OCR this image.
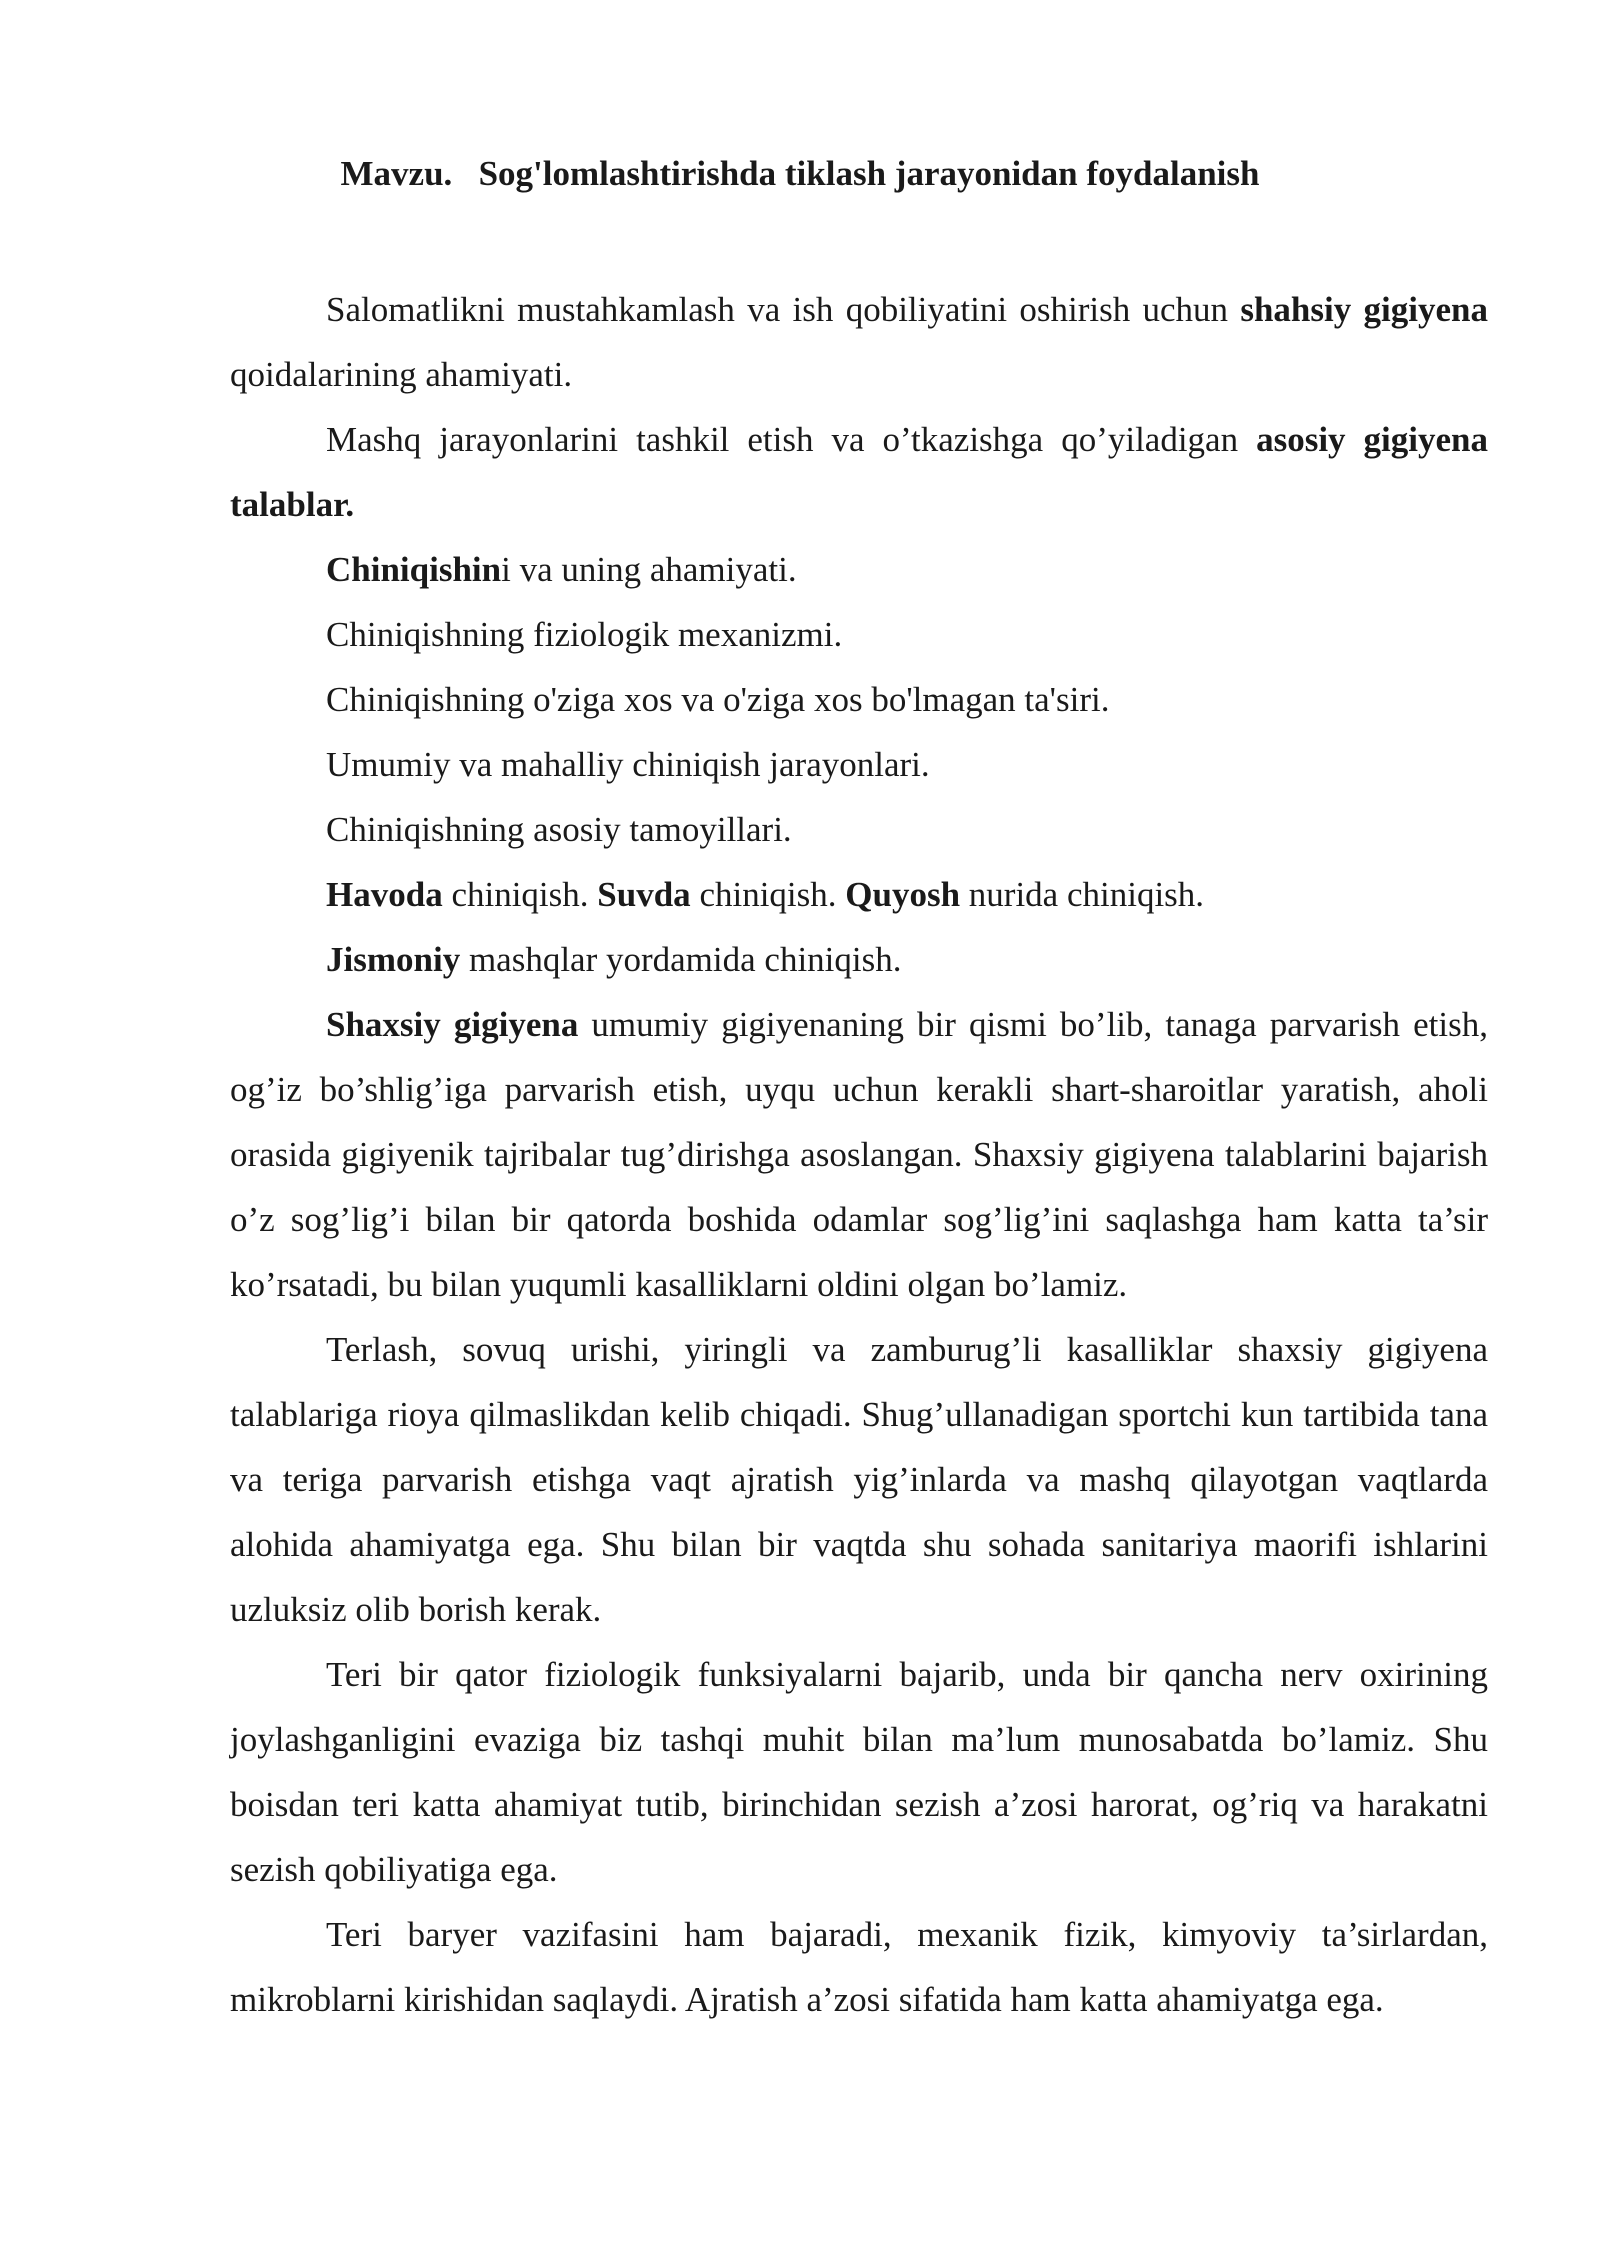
Mavzu. Sog'lomlashtirishda tiklash jarayonidan foydalanish

Salomatlikni mustahkamlash va ish qobiliyatini oshirish uchun shahsiy gigiyena qoidalarining ahamiyati.

Mashq jarayonlarini tashkil etish va o’tkazishga qo’yiladigan asosiy gigiyena talablar.

Chiniqishini va uning ahamiyati.

Chiniqishning fiziologik mexanizmi.

Chiniqishning o'ziga xos va o'ziga xos bo'lmagan ta'siri.

Umumiy va mahalliy chiniqish jarayonlari.

Chiniqishning asosiy tamoyillari.

Havoda chiniqish. Suvda chiniqish. Quyosh nurida chiniqish.

Jismoniy mashqlar yordamida chiniqish.

Shaxsiy gigiyena umumiy gigiyenaning bir qismi bo’lib, tanaga parvarish etish, og’iz bo’shlig’iga parvarish etish, uyqu uchun kerakli shart-sharoitlar yaratish, aholi orasida gigiyenik tajribalar tug’dirishga asoslangan. Shaxsiy gigiyena talablarini bajarish o’z sog’lig’i bilan bir qatorda boshida odamlar sog’lig’ini saqlashga ham katta ta’sir ko’rsatadi, bu bilan yuqumli kasalliklarni oldini olgan bo’lamiz.

Terlash, sovuq urishi, yiringli va zamburug’li kasalliklar shaxsiy gigiyena talablariga rioya qilmaslikdan kelib chiqadi. Shug’ullanadigan sportchi kun tartibida tana va teriga parvarish etishga vaqt ajratish yig’inlarda va mashq qilayotgan vaqtlarda alohida ahamiyatga ega. Shu bilan bir vaqtda shu sohada sanitariya maorifi ishlarini uzluksiz olib borish kerak.

Teri bir qator fiziologik funksiyalarni bajarib, unda bir qancha nerv oxirining joylashganligini evaziga biz tashqi muhit bilan ma’lum munosabatda bo’lamiz. Shu boisdan teri katta ahamiyat tutib, birinchidan sezish a’zosi harorat, og’riq va harakatni sezish qobiliyatiga ega.

Teri baryer vazifasini ham bajaradi, mexanik fizik, kimyoviy ta’sirlardan, mikroblarni kirishidan saqlaydi. Ajratish a’zosi sifatida ham katta ahamiyatga ega.
